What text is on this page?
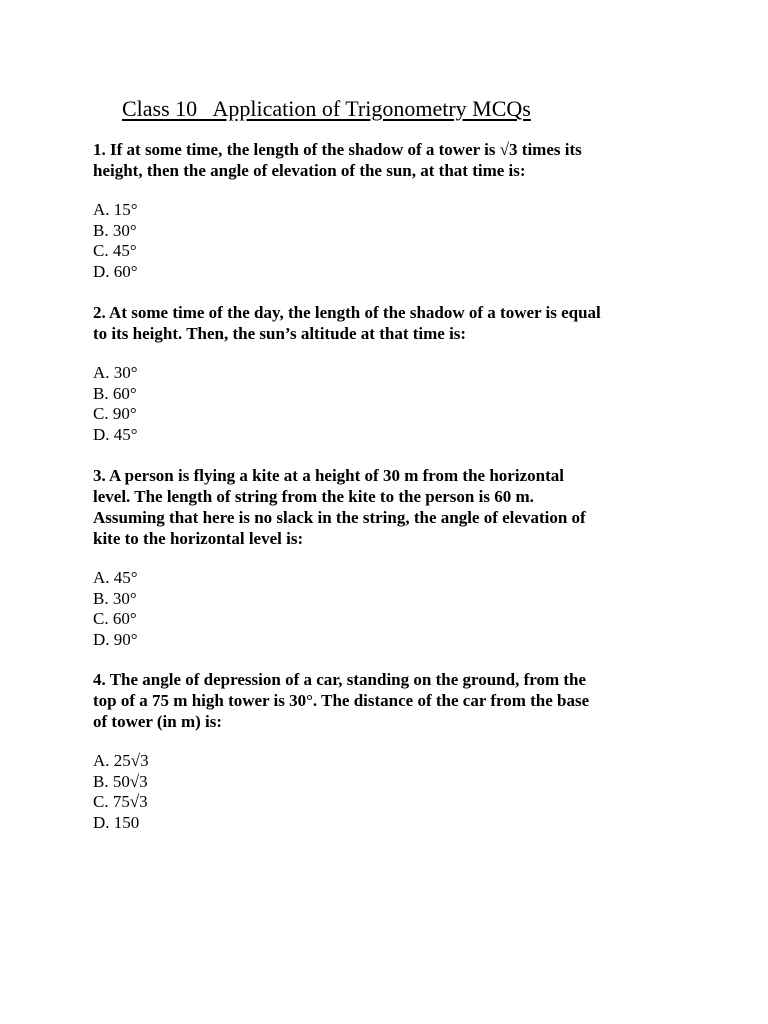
Class 10   Application of Trigonometry MCQs

1. If at some time, the length of the shadow of a tower is √3 times its
height, then the angle of elevation of the sun, at that time is:

A. 15°
B. 30°
C. 45°
D. 60°

2. At some time of the day, the length of the shadow of a tower is equal
to its height. Then, the sun’s altitude at that time is:

A. 30°
B. 60°
C. 90°
D. 45°

3. A person is flying a kite at a height of 30 m from the horizontal
level. The length of string from the kite to the person is 60 m.
Assuming that here is no slack in the string, the angle of elevation of
kite to the horizontal level is:

A. 45°
B. 30°
C. 60°
D. 90°

4. The angle of depression of a car, standing on the ground, from the
top of a 75 m high tower is 30°. The distance of the car from the base
of tower (in m) is:

A. 25√3
B. 50√3
C. 75√3
D. 150
